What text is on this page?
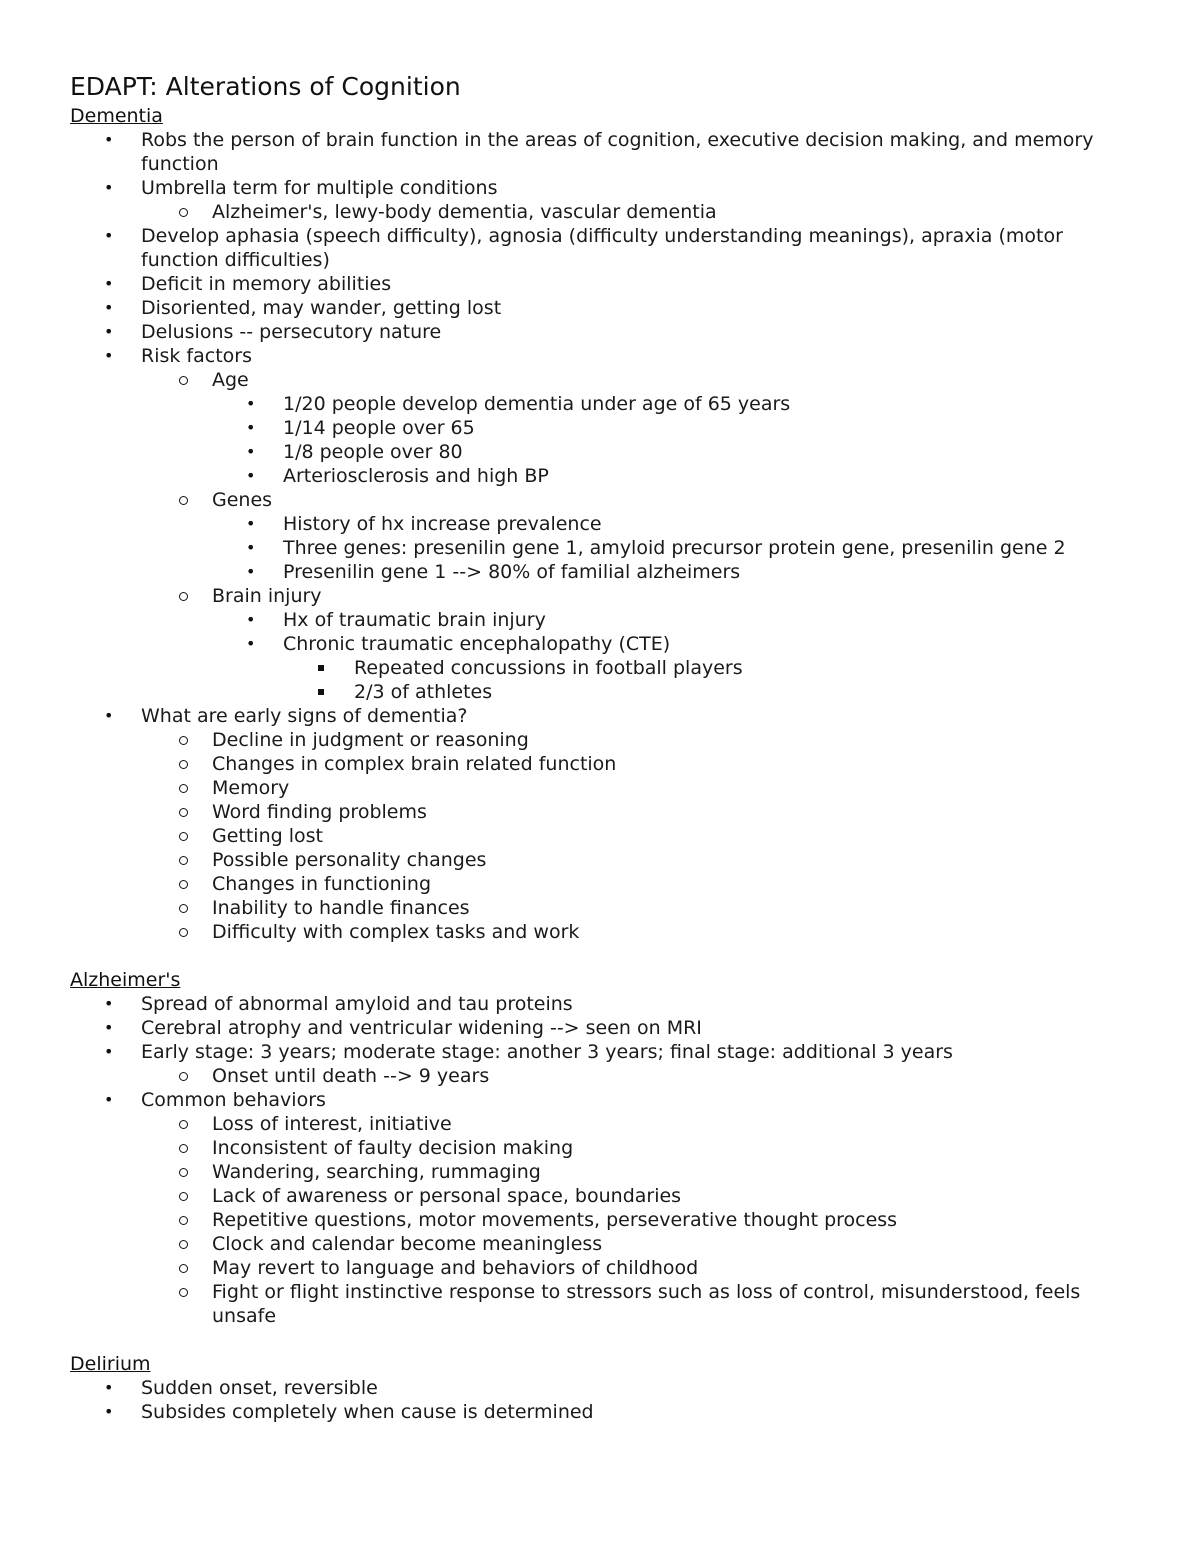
EDAPT: Alterations of Cognition
Dementia
•
Robs the person of brain function in the areas of cognition, executive decision making, and memory function
•
Umbrella term for multiple conditions
Alzheimer's, lewy-body dementia, vascular dementia
•
Develop aphasia (speech difficulty), agnosia (difficulty understanding meanings), apraxia (motor function difficulties)
•
Deficit in memory abilities
•
Disoriented, may wander, getting lost
•
Delusions -- persecutory nature
•
Risk factors
Age
•
1/20 people develop dementia under age of 65 years
•
1/14 people over 65
•
1/8 people over 80
•
Arteriosclerosis and high BP
Genes
•
History of hx increase prevalence
•
Three genes: presenilin gene 1, amyloid precursor protein gene, presenilin gene 2
•
Presenilin gene 1 --> 80% of familial alzheimers
Brain injury
•
Hx of traumatic brain injury
•
Chronic traumatic encephalopathy (CTE)
Repeated concussions in football players
2/3 of athletes
•
What are early signs of dementia?
Decline in judgment or reasoning
Changes in complex brain related function
Memory
Word finding problems
Getting lost
Possible personality changes
Changes in functioning
Inability to handle finances
Difficulty with complex tasks and work
Alzheimer's
•
Spread of abnormal amyloid and tau proteins
•
Cerebral atrophy and ventricular widening --> seen on MRI
•
Early stage: 3 years; moderate stage: another 3 years; final stage: additional 3 years
Onset until death --> 9 years
•
Common behaviors
Loss of interest, initiative
Inconsistent of faulty decision making
Wandering, searching, rummaging
Lack of awareness or personal space, boundaries
Repetitive questions, motor movements, perseverative thought process
Clock and calendar become meaningless
May revert to language and behaviors of childhood
Fight or flight instinctive response to stressors such as loss of control, misunderstood, feels unsafe
Delirium
•
Sudden onset, reversible
•
Subsides completely when cause is determined
